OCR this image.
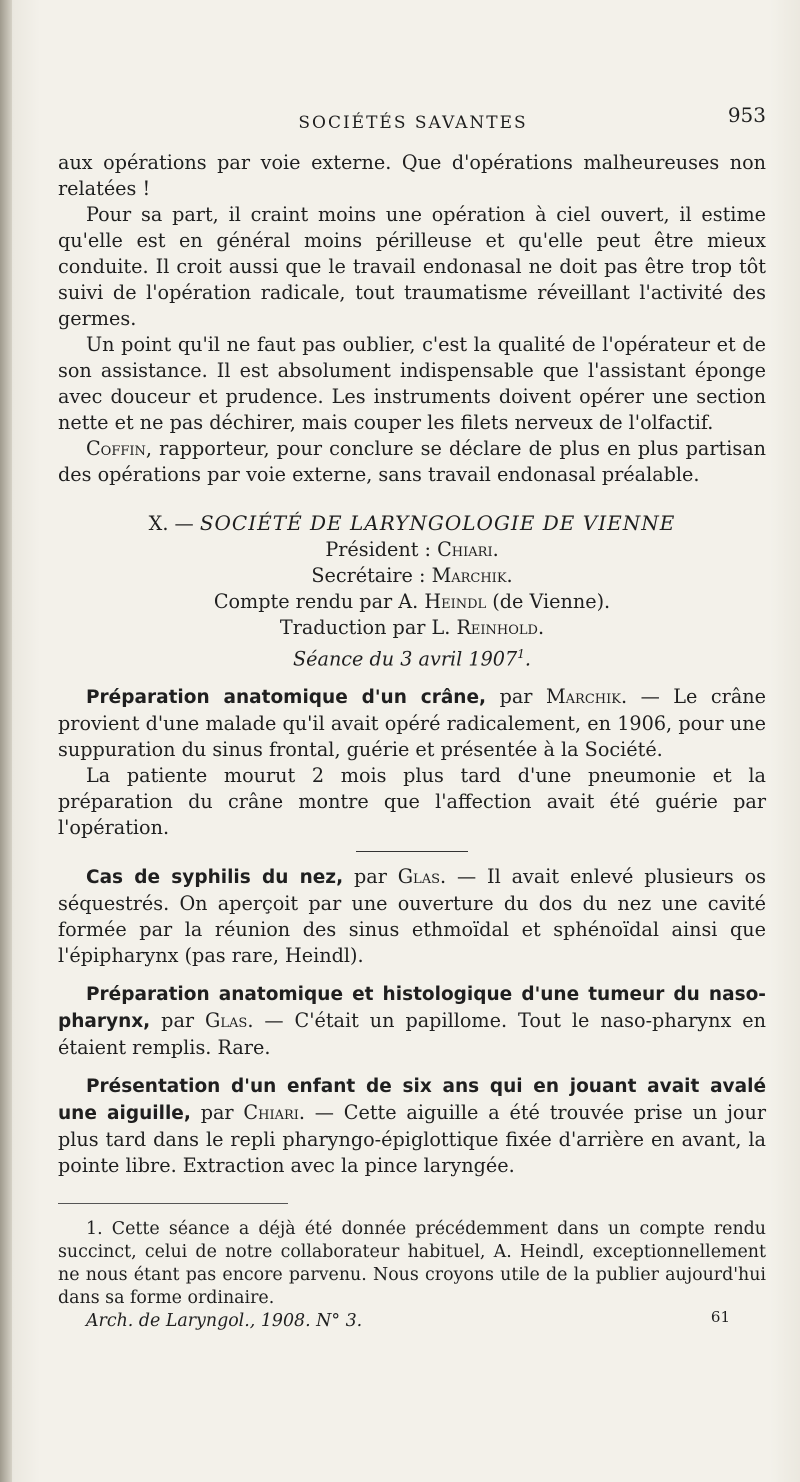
SOCIÉTÉS SAVANTES	953

aux opérations par voie externe. Que d'opérations malheureuses non relatées !

Pour sa part, il craint moins une opération à ciel ouvert, il estime qu'elle est en général moins périlleuse et qu'elle peut être mieux conduite. Il croit aussi que le travail endonasal ne doit pas être trop tôt suivi de l'opération radicale, tout traumatisme réveillant l'activité des germes.

Un point qu'il ne faut pas oublier, c'est la qualité de l'opérateur et de son assistance. Il est absolument indispensable que l'assistant éponge avec douceur et prudence. Les instruments doivent opérer une section nette et ne pas déchirer, mais couper les filets nerveux de l'olfactif.

Coffin, rapporteur, pour conclure se déclare de plus en plus partisan des opérations par voie externe, sans travail endonasal préalable.

X. — SOCIÉTÉ DE LARYNGOLOGIE DE VIENNE

Président : Chiari.

Secrétaire : Marchik.

Compte rendu par A. Heindl (de Vienne).

Traduction par L. Reinhold.

Séance du 3 avril 1907$^1$.

Préparation anatomique d'un crâne, par Marchik. — Le crâne provient d'une malade qu'il avait opéré radicalement, en 1906, pour une suppuration du sinus frontal, guérie et présentée à la Société.

La patiente mourut 2 mois plus tard d'une pneumonie et la préparation du crâne montre que l'affection avait été guérie par l'opération.

Cas de syphilis du nez, par Glas. — Il avait enlevé plusieurs os séquestrés. On aperçoit par une ouverture du dos du nez une cavité formée par la réunion des sinus ethmoïdal et sphénoïdal ainsi que l'épipharynx (pas rare, Heindl).

Préparation anatomique et histologique d'une tumeur du naso-pharynx, par Glas. — C'était un papillome. Tout le naso-pharynx en étaient remplis. Rare.

Présentation d'un enfant de six ans qui en jouant avait avalé une aiguille, par Chiari. — Cette aiguille a été trouvée prise un jour plus tard dans le repli pharyngo-épiglottique fixée d'arrière en avant, la pointe libre. Extraction avec la pince laryngée.

1. Cette séance a déjà été donnée précédemment dans un compte rendu succinct, celui de notre collaborateur habituel, A. Heindl, exceptionnellement ne nous étant pas encore parvenu. Nous croyons utile de la publier aujourd'hui dans sa forme ordinaire.

Arch. de Laryngol., 1908. N° 3.	61
